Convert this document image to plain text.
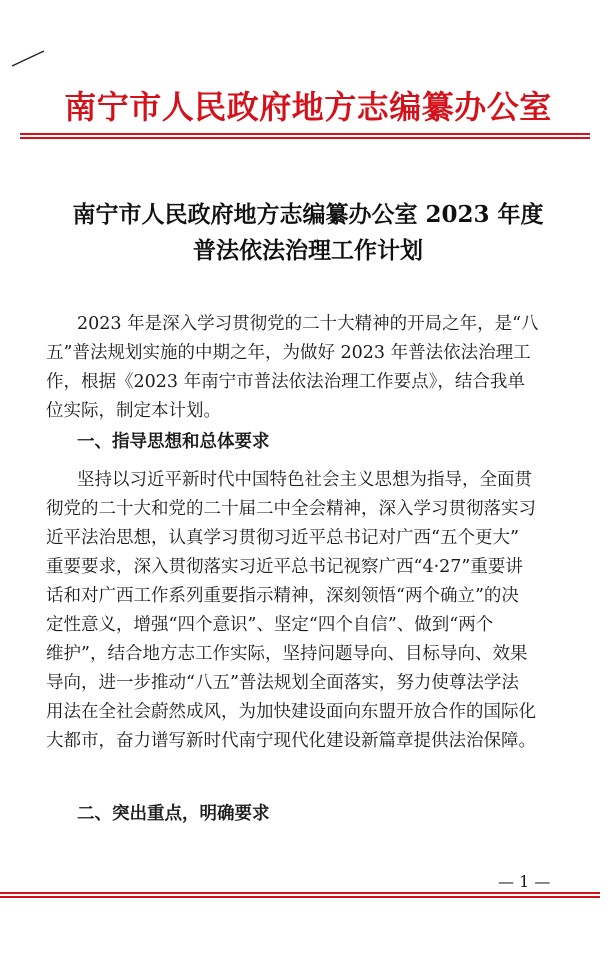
南宁市人民政府地方志编纂办公室
南宁市人民政府地方志编纂办公室 2023 年度
普法依法治理工作计划
2023 年是深入学习贯彻党的二十大精神的开局之年，是“八
五”普法规划实施的中期之年，为做好 2023 年普法依法治理工
作，根据《2023 年南宁市普法依法治理工作要点》，结合我单
位实际，制定本计划。
一、指导思想和总体要求
坚持以习近平新时代中国特色社会主义思想为指导，全面贯
彻党的二十大和党的二十届二中全会精神，深入学习贯彻落实习
近平法治思想，认真学习贯彻习近平总书记对广西“五个更大”
重要要求，深入贯彻落实习近平总书记视察广西“4·27”重要讲
话和对广西工作系列重要指示精神，深刻领悟“两个确立”的决
定性意义，增强“四个意识”、坚定“四个自信”、做到“两个
维护”，结合地方志工作实际，坚持问题导向、目标导向、效果
导向，进一步推动“八五”普法规划全面落实，努力使尊法学法
用法在全社会蔚然成风，为加快建设面向东盟开放合作的国际化
大都市，奋力谱写新时代南宁现代化建设新篇章提供法治保障。
二、突出重点，明确要求
— 1 —
